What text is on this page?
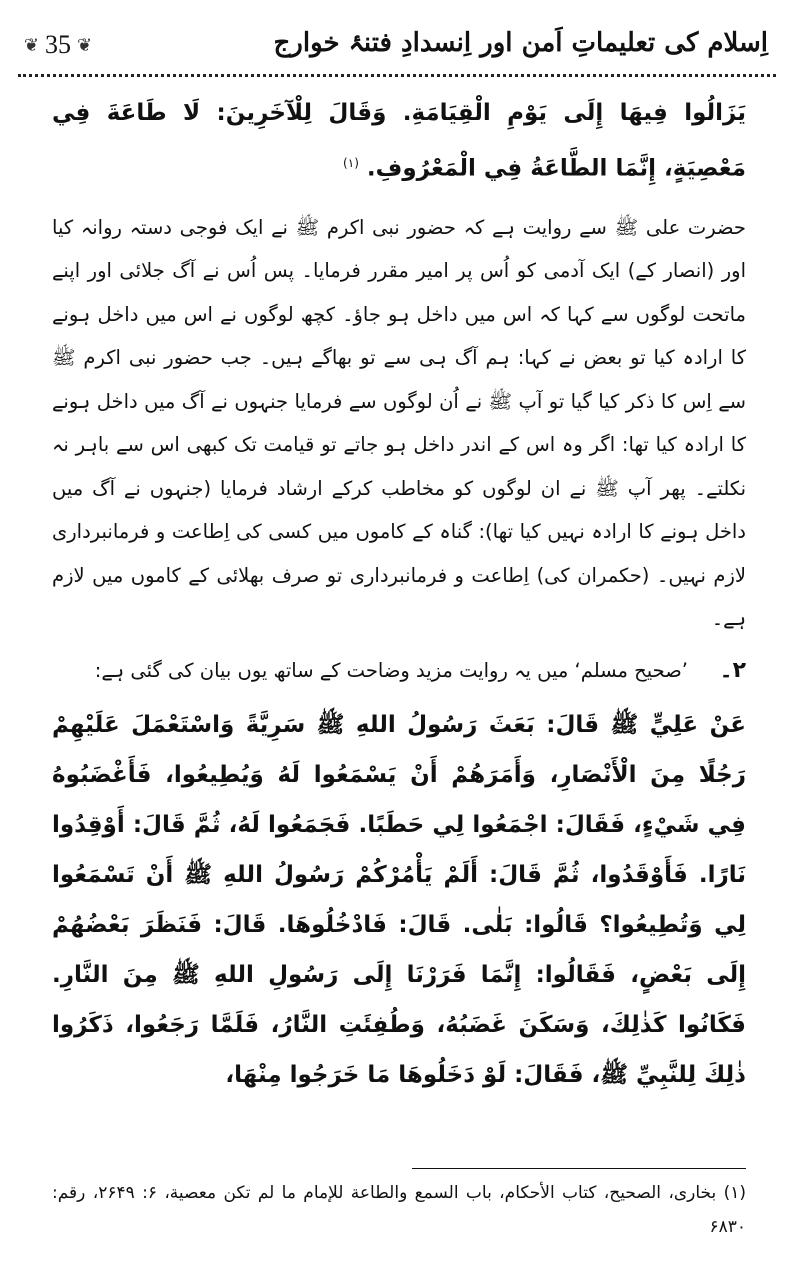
اِسلام کی تعلیماتِ اَمن اور اِنسدادِ فتنۂ خوارج
❦ 35 ❦

يَزَالُوا فِيهَا إِلَى يَوْمِ الْقِيَامَةِ. وَقَالَ لِلْآخَرِينَ: لَا طَاعَةَ فِي مَعْصِيَةٍ، إِنَّمَا الطَّاعَةُ فِي الْمَعْرُوفِ. $^{(۱)}$

حضرت علی ﷺ سے روایت ہے کہ حضور نبی اکرم ﷺ نے ایک فوجی دستہ روانہ کیا اور (انصار کے) ایک آدمی کو اُس پر امیر مقرر فرمایا۔ پس اُس نے آگ جلائی اور اپنے ماتحت لوگوں سے کہا کہ اس میں داخل ہو جاؤ۔ کچھ لوگوں نے اس میں داخل ہونے کا ارادہ کیا تو بعض نے کہا: ہم آگ ہی سے تو بھاگے ہیں۔ جب حضور نبی اکرم ﷺ سے اِس کا ذکر کیا گیا تو آپ ﷺ نے اُن لوگوں سے فرمایا جنہوں نے آگ میں داخل ہونے کا ارادہ کیا تھا: اگر وہ اس کے اندر داخل ہو جاتے تو قیامت تک کبھی اس سے باہر نہ نکلتے۔ پھر آپ ﷺ نے ان لوگوں کو مخاطب کرکے ارشاد فرمایا (جنہوں نے آگ میں داخل ہونے کا ارادہ نہیں کیا تھا): گناہ کے کاموں میں کسی کی اِطاعت و فرمانبرداری لازم نہیں۔ (حکمران کی) اِطاعت و فرمانبرداری تو صرف بھلائی کے کاموں میں لازم ہے۔

۲۔
’صحیح مسلم‘ میں یہ روایت مزید وضاحت کے ساتھ یوں بیان کی گئی ہے:

عَنْ عَلِيٍّ ﷺ قَالَ: بَعَثَ رَسُولُ اللهِ ﷺ سَرِيَّةً وَاسْتَعْمَلَ عَلَيْهِمْ رَجُلًا مِنَ الْأَنْصَارِ، وَأَمَرَهُمْ أَنْ يَسْمَعُوا لَهُ وَيُطِيعُوا، فَأَغْضَبُوهُ فِي شَيْءٍ، فَقَالَ: اجْمَعُوا لِي حَطَبًا. فَجَمَعُوا لَهُ، ثُمَّ قَالَ: أَوْقِدُوا نَارًا. فَأَوْقَدُوا، ثُمَّ قَالَ: أَلَمْ يَأْمُرْكُمْ رَسُولُ اللهِ ﷺ أَنْ تَسْمَعُوا لِي وَتُطِيعُوا؟ قَالُوا: بَلٰى. قَالَ: فَادْخُلُوهَا. قَالَ: فَنَظَرَ بَعْضُهُمْ إِلَى بَعْضٍ، فَقَالُوا: إِنَّمَا فَرَرْنَا إِلَى رَسُولِ اللهِ ﷺ مِنَ النَّارِ. فَكَانُوا كَذٰلِكَ، وَسَكَنَ غَضَبُهُ، وَطُفِئَتِ النَّارُ، فَلَمَّا رَجَعُوا، ذَكَرُوا ذٰلِكَ لِلنَّبِيِّ ﷺ، فَقَالَ: لَوْ دَخَلُوهَا مَا خَرَجُوا مِنْهَا،

(۱) بخاری، الصحیح، کتاب الأحکام، باب السمع والطاعة للإمام ما لم تکن معصیة، ۶: ۲۶۴۹، رقم: ۶۸۳۰
